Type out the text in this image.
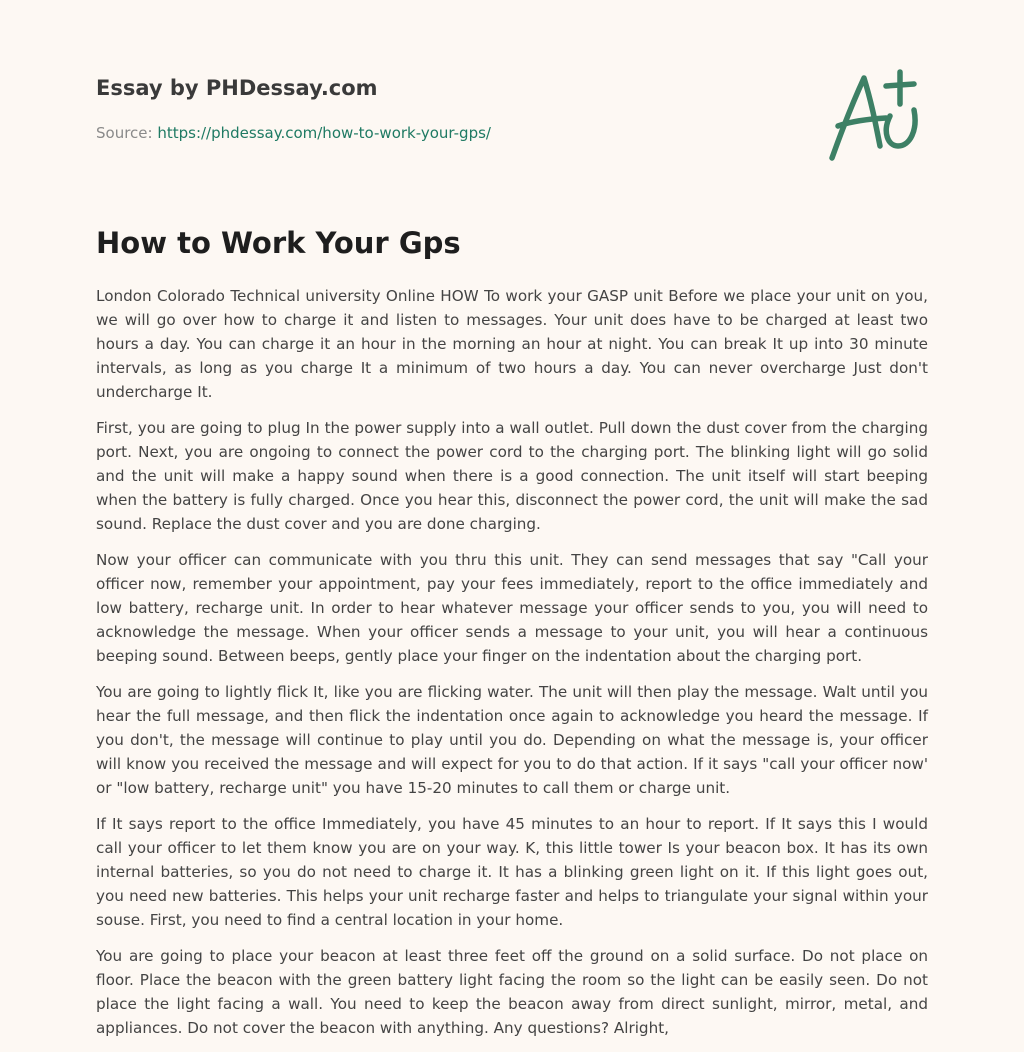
Essay by PHDessay.com
Source: https://phdessay.com/how-to-work-your-gps/
How to Work Your Gps

London Colorado Technical university Online HOW To work your GASP unit Before we place your unit on you, we will go over how to charge it and listen to messages. Your unit does have to be charged at least two hours a day. You can charge it an hour in the morning an hour at night. You can break It up into 30 minute intervals, as long as you charge It a minimum of two hours a day. You can never overcharge Just don't undercharge It.

First, you are going to plug In the power supply into a wall outlet. Pull down the dust cover from the charging port. Next, you are ongoing to connect the power cord to the charging port. The blinking light will go solid and the unit will make a happy sound when there is a good connection. The unit itself will start beeping when the battery is fully charged. Once you hear this, disconnect the power cord, the unit will make the sad sound. Replace the dust cover and you are done charging.

Now your officer can communicate with you thru this unit. They can send messages that say "Call your officer now, remember your appointment, pay your fees immediately, report to the office immediately and low battery, recharge unit. In order to hear whatever message your officer sends to you, you will need to acknowledge the message. When your officer sends a message to your unit, you will hear a continuous beeping sound. Between beeps, gently place your finger on the indentation about the charging port.

You are going to lightly flick It, like you are flicking water. The unit will then play the message. Walt until you hear the full message, and then flick the indentation once again to acknowledge you heard the message. If you don't, the message will continue to play until you do. Depending on what the message is, your officer will know you received the message and will expect for you to do that action. If it says "call your officer now' or "low battery, recharge unit" you have 15-20 minutes to call them or charge unit.

If It says report to the office Immediately, you have 45 minutes to an hour to report. If It says this I would call your officer to let them know you are on your way. K, this little tower Is your beacon box. It has its own internal batteries, so you do not need to charge it. It has a blinking green light on it. If this light goes out, you need new batteries. This helps your unit recharge faster and helps to triangulate your signal within your souse. First, you need to find a central location in your home.

You are going to place your beacon at least three feet off the ground on a solid surface. Do not place on floor. Place the beacon with the green battery light facing the room so the light can be easily seen. Do not place the light facing a wall. You need to keep the beacon away from direct sunlight, mirror, metal, and appliances. Do not cover the beacon with anything. Any questions? Alright,
